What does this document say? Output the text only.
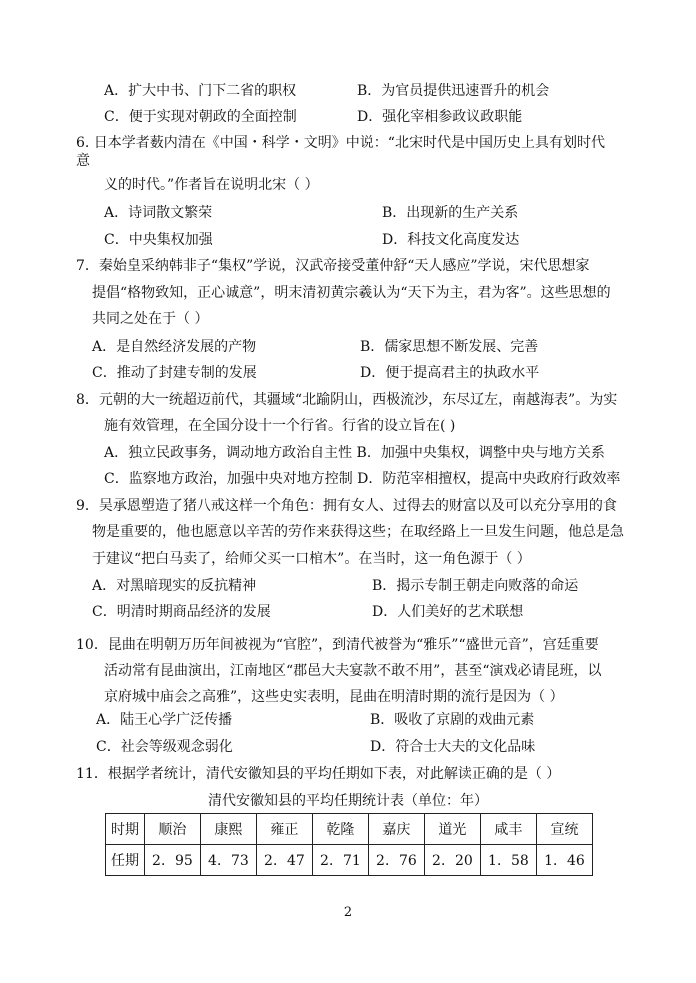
A．扩大中书、门下二省的职权	B．为官员提供迅速晋升的机会
C．便于实现对朝政的全面控制	D．强化宰相参政议政职能
6. 日本学者薮内清在《中国・科学・文明》中说：“北宋时代是中国历史上具有划时代
意
义的时代。”作者旨在说明北宋（ ）
A．诗词散文繁荣	B．出现新的生产关系
C．中央集权加强	D．科技文化高度发达
7．秦始皇采纳韩非子“集权”学说，汉武帝接受董仲舒“天人感应”学说，宋代思想家
提倡“格物致知，正心诚意”，明末清初黄宗羲认为“天下为主，君为客”。这些思想的
共同之处在于（ ）
A．是自然经济发展的产物	B．儒家思想不断发展、完善
C．推动了封建专制的发展	D．便于提高君主的执政水平
8．元朝的大一统超迈前代，其疆域“北踰阴山，西极流沙，东尽辽左，南越海表”。为实
施有效管理，在全国分设十一个行省。行省的设立旨在( )
A．独立民政事务，调动地方政治自主性 B．加强中央集权，调整中央与地方关系
C．监察地方政治，加强中央对地方控制 D．防范宰相擅权，提高中央政府行政效率
9．吴承恩塑造了猪八戒这样一个角色：拥有女人、过得去的财富以及可以充分享用的食
物是重要的，他也愿意以辛苦的劳作来获得这些；在取经路上一旦发生问题，他总是急
于建议“把白马卖了，给师父买一口棺木”。在当时，这一角色源于（ ）
A．对黑暗现实的反抗精神	B．揭示专制王朝走向败落的命运
C．明清时期商品经济的发展	D．人们美好的艺术联想
10．昆曲在明朝万历年间被视为“官腔”，到清代被誉为“雅乐”“盛世元音”，宫廷重要
活动常有昆曲演出，江南地区“郡邑大夫宴款不敢不用”，甚至“演戏必请昆班，以
京府城中庙会之高雅”，这些史实表明，昆曲在明清时期的流行是因为（ ）
A．陆王心学广泛传播	B．吸收了京剧的戏曲元素
C．社会等级观念弱化	D．符合士大夫的文化品味
11．根据学者统计，清代安徽知县的平均任期如下表，对此解读正确的是（ ）
清代安徽知县的平均任期统计表（单位：年）
时期	顺治	康熙	雍正	乾隆	嘉庆	道光	咸丰	宣统
任期	2．95	4．73	2．47	2．71	2．76	2．20	1．58	1．46
2
